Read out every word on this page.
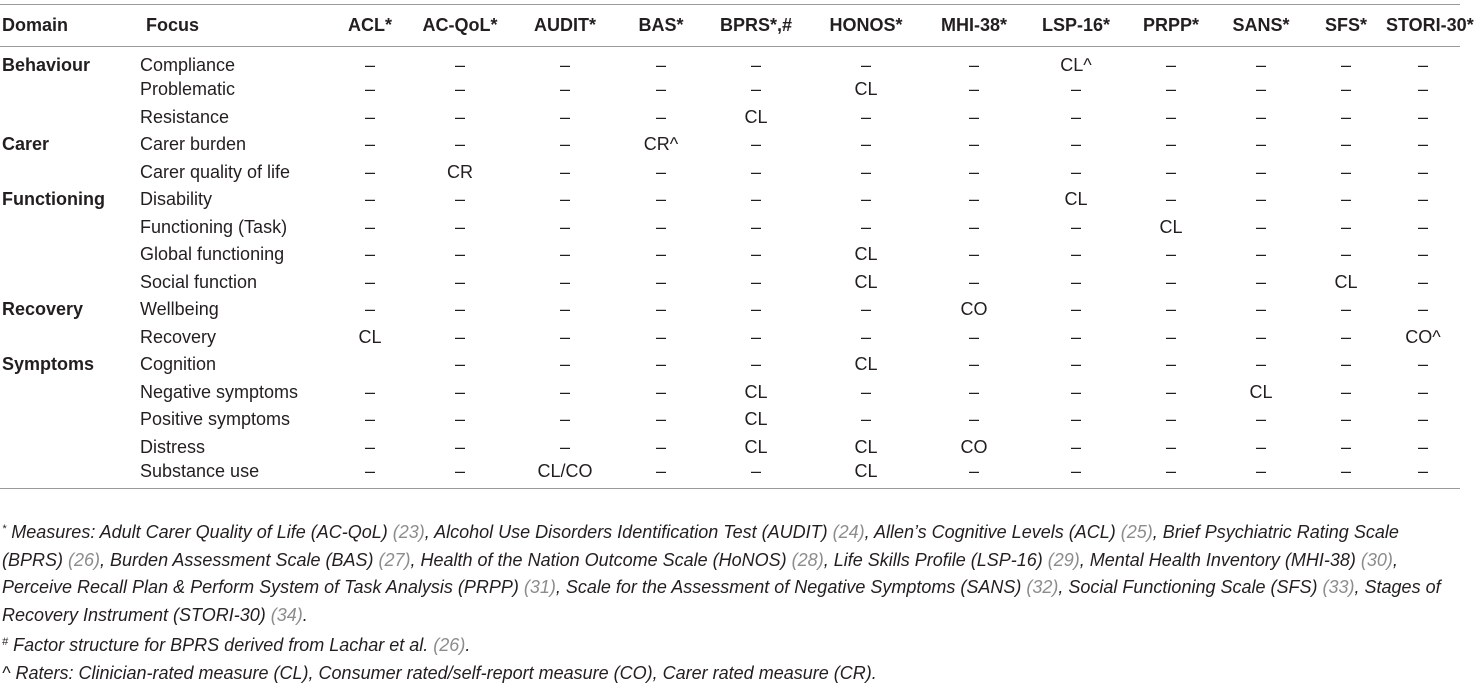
Domain	Focus	ACL*	AC-QoL*	AUDIT*	BAS*	BPRS*,#	HONOS*	MHI-38*	LSP-16*	PRPP*	SANS*	SFS*	STORI-30*
Behaviour	Compliance	–	–	–	–	–	–	–	CL^	–	–	–	–
	Problematic	–	–	–	–	–	CL	–	–	–	–	–	–
	Resistance	–	–	–	–	CL	–	–	–	–	–	–	–
Carer	Carer burden	–	–	–	CR^	–	–	–	–	–	–	–	–
	Carer quality of life	–	CR	–	–	–	–	–	–	–	–	–	–
Functioning	Disability	–	–	–	–	–	–	–	CL	–	–	–	–
	Functioning (Task)	–	–	–	–	–	–	–	–	CL	–	–	–
	Global functioning	–	–	–	–	–	CL	–	–	–	–	–	–
	Social function	–	–	–	–	–	CL	–	–	–	–	CL	–
Recovery	Wellbeing	–	–	–	–	–	–	CO	–	–	–	–	–
	Recovery	CL	–	–	–	–	–	–	–	–	–	–	CO^
Symptoms	Cognition		–	–	–	–	CL	–	–	–	–	–	–
	Negative symptoms	–	–	–	–	CL	–	–	–	–	CL	–	–
	Positive symptoms	–	–	–	–	CL	–	–	–	–	–	–	–
	Distress	–	–	–	–	CL	CL	CO	–	–	–	–	–
	Substance use	–	–	CL/CO	–	–	CL	–	–	–	–	–	–

* Measures: Adult Carer Quality of Life (AC-QoL) (23), Alcohol Use Disorders Identification Test (AUDIT) (24), Allen’s Cognitive Levels (ACL) (25), Brief Psychiatric Rating Scale (BPRS) (26), Burden Assessment Scale (BAS) (27), Health of the Nation Outcome Scale (HoNOS) (28), Life Skills Profile (LSP-16) (29), Mental Health Inventory (MHI-38) (30), Perceive Recall Plan & Perform System of Task Analysis (PRPP) (31), Scale for the Assessment of Negative Symptoms (SANS) (32), Social Functioning Scale (SFS) (33), Stages of Recovery Instrument (STORI-30) (34).

# Factor structure for BPRS derived from Lachar et al. (26).

^ Raters: Clinician-rated measure (CL), Consumer rated/self-report measure (CO), Carer rated measure (CR).
